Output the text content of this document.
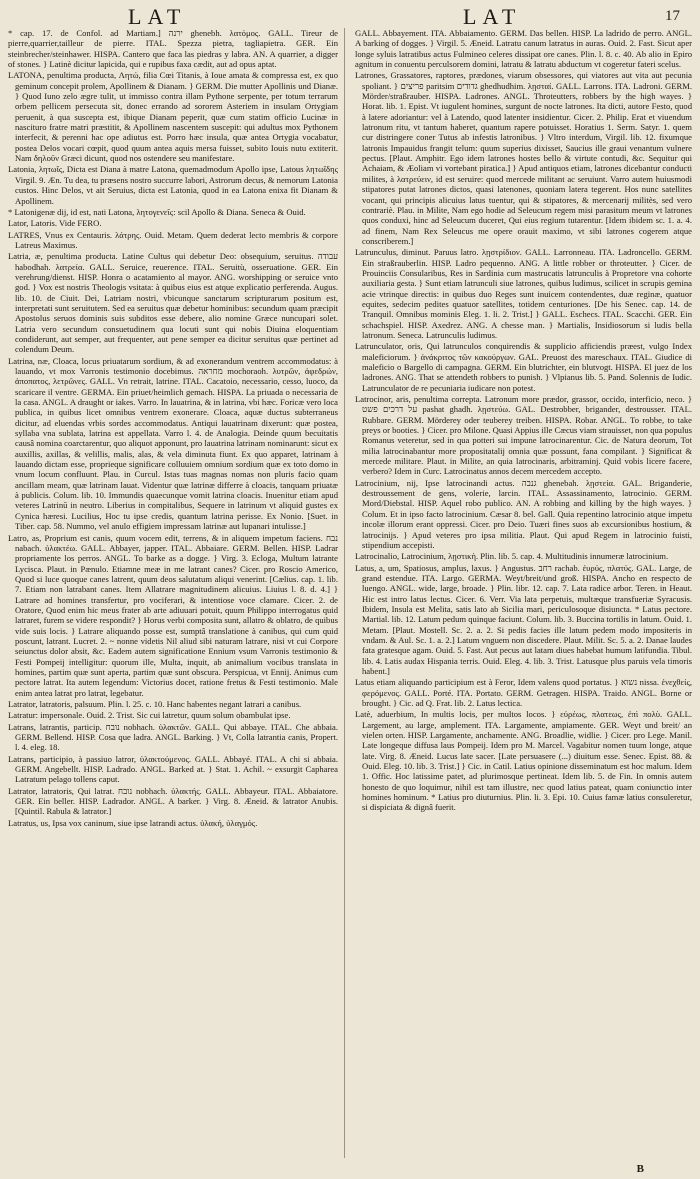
LAT	LAT	17

* cap. 17. de Confol. ad Martiam.] ירנה ghenebh. λατόμος. GALL. Tireur de pierre,quarrier,tailleur de pierre. ITAL. Spezza pietra, tagliapietra. GER. Ein steinbrecher/steinhawer. HISPA. Cantero que faca las piedras y labra. AN. A quarrier, a digger of stones. } Latinè dicitur lapicida, qui e rupibus faxa cædit, aut ad opus aptat.

LATONA, penultima producta, Λητώ, filia Cœi Titanis, à Ioue amata & compressa est, ex quo geminum concepit prolem, Apollinem & Dianam. } GERM. Die mutter Apollinis und Dianæ. } Quod Iuno zelo ægre tulit, ut immisso contra illam Pythone serpente, per totum terrarum orbem pellicem persecuta sit, donec errando ad sororem Asteriem in insulam Ortygiam peruenit, à qua suscepta est, ibique Dianam peperit, quæ cum statim officio Lucinæ in nascituro fratre matri præstitit, & Apollinem nascentem suscepit: qui adultus mox Pythonem interfecit, & perenni hac ope adiutus est. Porro hæc insula, quæ antea Ortygia vocabatur, postea Delos vocari cœpit, quod quum antea aquis mersa fuisset, subito Iouis nutu extiterit. Nam δηλοῦν Græci dicunt, quod nos ostendere seu manifestare.

Latonia, λητωΐς, Dicta est Diana à matre Latona, quemadmodum Apollo ipse, Latous λητωΐδης Virgil. 9. Æn. Tu dea, tu præsens nostro succurre labori, Astrorum decus, & nemorum Latonia custos. Hinc Delos, vt ait Seruius, dicta est Latonia, quod in ea Latona enixa fit Dianam & Apollinem.

* Latonigenæ dij, id est, nati Latona, λητογενεῖς: scil Apollo & Diana. Seneca & Ouid.

Lator, Latoris. Vide FERO.

LATRES, Vnus ex Centauris. λάτρης. Ouid. Metam. Quem dederat lecto membris & corpore Latreus Maximus.

Latria, æ, penultima producta. Latine Cultus qui debetur Deo: obsequium, seruitus. עבודה habodhah. λατρεία. GALL. Seruice, reuerence. ITAL. Seruitù, osseruatione. GER. Ein verehrung/dienst. HISP. Honra o acatamiento al mayor. ANG. worshipping or seruice vnto god. } Vox est nostris Theologis vsitata: à quibus eius est atque explicatio perferenda. Augus. lib. 10. de Ciuit. Dei, Latriam nostri, vbicunque sanctarum scripturarum positum est, interpretati sunt seruitutem. Sed ea seruitus quæ debetur hominibus: secundum quam præcipit Apostolus seruos dominis suis subditos esse debere, alio nomine Græce nuncupari solet. Latria vero secundum consuetudinem qua locuti sunt qui nobis Diuina eloquentiam condiderunt, aut semper, aut frequenter, aut pene semper ea dicitur seruitus quæ pertinet ad colendum Deum.

Latrina, næ, Cloaca, locus priuatarum sordium, & ad exonerandum ventrem accommodatus: à lauando, vt mox Varronis testimonio docebimus. מחראה mochoraoh. λυτρῶν, ἀφεδρών, ἀποπατος, λετρῶνες. GALL. Vn retrait, latrine. ITAL. Cacatoio, necessario, cesso, luoco, da scaricare il ventre. GERMA. Ein priuet/heimlich gemach. HISPA. La priuada o necessaria de la casa. ANGL. A draught or iakes. Varro. In lauatrina, & in latrina, vbi hæc. Foricæ vero loca publica, in quibus licet omnibus ventrem exonerare. Cloaca, aquæ ductus subterraneus dicitur, ad eluendas vrbis sordes accommodatus. Antiqui lauatrinam dixerunt: quæ postea, syllaba vna sublata, latrina est appellata. Varro l. 4. de Analogia. Deinde quum becuitatis causâ nomina coarctarentur, quo aliquot apponunt, pro lauatrina latrinam nominarunt: sicut ex auxillis, axillas, & velillis, malis, alas, & vela diminuta fiunt. Ex quo apparet, latrinam à lauando dictam esse, proprieque significare colluuiem omnium sordium quæ ex toto domo in vnum locum confluunt. Plau. in Curcul. Istas tuas magnas nomas non pluris facio quam ancillam meam, quæ latrinam lauat. Videntur quæ latrinæ differre à cloacis, tanquam priuatæ à publicis. Colum. lib. 10. Immundis quaecunque vomit latrina cloacis. Inuenitur etiam apud veteres Latrinū in neutro. Liberius in compitalibus, Sequere in latrinum vt aliquid gustes ex Cynica hæresi. Lucilius, Hoc tu ipse credis, quantum latrina perisse. Ex Nonio. [Suet. in Tiber. cap. 58. Nummo, vel anulo effigiem impressam latrinæ aut lupanari intulisse.]

Latro, as, Proprium est canis, quum vocem edit, terrens, & in aliquem impetum faciens. נבח nabach. ὑλακτέω. GALL. Abbayer, japper. ITAL. Abbaiare. GERM. Bellen. HISP. Ladrar propriamente los perros. ANGL. To barke as a dogge. } Virg. 3. Ecloga, Multum latrante Lycisca. Plaut. in Pænulo. Etiamne meæ in me latrant canes? Cicer. pro Roscio Americo, Quod si luce quoque canes latrent, quum deos salutatum aliqui venerint. [Cælius. cap. 1. lib. 7. Etiam non latrabant canes. Item Allatrare magnitudinem alicuius. Liuius l. 8. d. 4.] } Latrare ad homines transfertur, pro vociferari, & intentiose voce clamare. Cicer. 2. de Oratore, Quod enim hic meus frater ab arte adiuuari potuit, quum Philippo interrogatus quid latraret, furem se videre respondit? } Horus verbi composita sunt, allatro & oblatro, de quibus vide suis locis. } Latrare aliquando posse est, sumptâ translatione à canibus, qui cum quid poscunt, latrant. Lucret. 2. ~ nonne videtis Nil aliud sibi naturam latrare, nisi vt cui Corpore seiunctus dolor absit, &c. Eadem autem significatione Ennium vsum Varronis testimonio & Festi Pompeij intelligitur: quorum ille, Multa, inquit, ab animalium vocibus translata in homines, partim quæ sunt aperta, partim quæ sunt obscura. Perspicua, vt Ennij. Animus cum pectore latrat. Ita autem legendum: Victorius docet, ratione fretus & Festi testimonio. Male enim antea latrat pro latrat, legebatur.

Latrator, latratoris, palsuum. Plin. l. 25. c. 10. Hanc habentes negant latrari a canibus.

Latratur: impersonale. Ouid. 2. Trist. Sic cui latretur, quum solum obambulat ipse.

Latrans, latrantis, particip. נובח nobhach. ὑλακτῶν. GALL. Qui abbaye. ITAL. Che abbaia. GERM. Bellend. HISP. Cosa que ladra. ANGL. Barking. } Vt, Colla latrantia canis, Propert. l. 4. eleg. 18.

Latrans, participio, à passiuo latror, ὑλακτούμενος. GALL. Abbayé. ITAL. A chi si abbaia. GERM. Angebellt. HISP. Ladrado. ANGL. Barked at. } Stat. 1. Achil. ~ exsurgit Capharea Latratum pelago tollens caput.

Latrator, latratoris, Qui latrat. נובח nobhach. ὑλακτής. GALL. Abbayeur. ITAL. Abbaiatore. GER. Ein beller. HISP. Ladrador. ANGL. A barker. } Virg. 8. Æneid. & latrator Anubis. [Quintil. Rabula & latrator.]

Latratus, us, Ipsa vox caninum, siue ipse latrandi actus. ὑλακή, ὑλαγμός.

GALL. Abbayement. ITA. Abbaiamento. GERM. Das bellen. HISP. La ladrido de perro. ANGL. A barking of dogges. } Virgil. 5. Æneid. Latratu canum latratus in auras. Ouid. 2. Fast. Sicut aper longe syluis latratibus actus Fulmineo celeres dissipat ore canes. Plin. l. 8. c. 40. Ab alio in Epiro agnitum in conuentu perculsorem domini, latratu & latratu abductum vt cogeretur fateri scelus.

Latrones, Grassatores, raptores, prædones, viarum obsessores, qui viatores aut vita aut pecunia spoliant. } פריצים paritsim גדודים ghedhudhim. λῃσταί. GALL. Larrons. ITA. Ladroni. GERM. Mörder/straßrauber. HISPA. Ladrones. ANGL. Throteutters, robbers by the high wayes. } Horat. lib. 1. Epist. Vt iugulent homines, surgunt de nocte latrones. Ita dicti, autore Festo, quod à latere adoriantur: vel à Latendo, quod latenter insidientur. Cicer. 2. Philip. Erat et viuendum latronum ritu, vt tantum haberet, quantum rapere potuisset. Horatius 1. Serm. Satyr. 1. quem cur distringere coner Tutus ab infestis latronibus. } Vltro interdum, Virgil. lib. 12. fixumque latronis Impauidus frangit telum: quum superius dixisset, Saucius ille graui venantum vulnere pectus. [Plaut. Amphitr. Ego idem latrones hostes bello & virtute contudi, &c. Sequitur qui Achaiam, & Æoliam vi vortebant piratica.] } Apud antiquos etiam, latrones dicebantur conducti milites, à λατρεύειν, id est seruire: quod mercede militant ac seruiunt. Varro autem huiusmodi stipatores putat latrones dictos, quasi latenones, quoniam latera tegerent. Hos nunc satellites vocant, qui principis alicuius latus tuentur, qui & stipatores, & mercenarij militès, sed vero contrariè. Plau. in Milite, Nam ego hodie ad Seleucum regem misi parasitum meum vt latrones quos conduxi, hinc ad Seleucum duceret, Qui eius regium tutarentur. [Idem ibidem sc. 1. a. 4. ad finem, Nam Rex Seleucus me opere orauit maximo, vt sibi latrones cogerem atque conscriberem.]

Latrunculus, diminut. Paruus latro. λῃστρίδιον. GALL. Larronneau. ITA. Ladroncello. GERM. Ein straßrauberlin. HISP. Ladro pequenno. ANG. A little robber or throteutter. } Cicer. de Prouinciis Consularibus, Res in Sardinia cum mastrucatis latrunculis à Propretore vna cohorte auxiliaria gesta. } Sunt etiam latrunculi siue latrones, quibus ludimus, scilicet in scrupis gemina acie vtrinque directis: in quibus duo Reges sunt inuicem contendentes, duæ reginæ, quatuor equites, sedecim pedites quatuor satellites, totidem centuriones. [De his Senec. cap. 14. de Tranquil. Omnibus mominis Eleg. 1. li. 2. Trist.] } GALL. Eschecs. ITAL. Scacchi. GER. Ein schachspiel. HISP. Axedrez. ANG. A chesse man. } Martialis, Insidiosorum si ludis bella latronum. Seneca. Latrunculis ludimus.

Latrunculator, oris, Qui latrunculos conquirendis & supplicio afficiendis præest, vulgo Index maleficiorum. } ἀνάκριτος τῶν κακούργων. GAL. Preuost des mareschaux. ITAL. Giudice di maleficio o Bargello di campagna. GERM. Ein blutrichter, ein blutvogt. HISPA. El juez de los ladrones. ANG. That se attendeth robbers to punish. } Vlpianus lib. 5. Pand. Solennis de Iudic. Latrunculator de re pecuniaria iudicare non potest.

Latrocinor, aris, penultima correpta. Latronum more prædor, grassor, occido, interficio, neco. } על דרכים פשט pashat ghadh. λῃστεύω. GAL. Destrobber, brigander, destrousser. ITAL. Rubbare. GERM. Mörderey oder teuberey treiben. HISPA. Robar. ANGL. To robbe, to take preys or booties. } Cicer. pro Milone. Quasi Appius ille Cæcus viam strauisset, non qua populus Romanus veteretur, sed in qua potteri sui impune latrocinarentur. Cic. de Natura deorum, Tot milia latrocinabantur more propositatalij omnia quæ possunt, fana compilant. } Significat & mercede militare. Plaut. in Milite, an quia latrocinaris, arbitraminj. Quid vobis licere facere, verbero? Idem in Curc. Latrocinatus annos decem mercedem accepto.

Latrocinium, nij, Ipse latrocinandi actus. גנבה ghenebah. λῃστεία. GAL. Briganderie, destroussement de gens, volerie, larcin. ITAL. Assassinamento, latrocinio. GERM. Mord/Diebstal. HISP. Aquel robo publico. AN. A robbing and killing by the high wayes. } Colum. Et in ipso facto latrocinium. Cæsar 8. bel. Gall. Quia repentino latrocinio atque impetu incolæ illorum erant oppressi. Cicer. pro Deio. Tuæri fines suos ab excursionibus hostium, & latrocinijs. } Apud veteres pro ipsa militia. Plaut. Qui apud Regem in latrocinio fuisti, stipendium accepisti.

Latrocinalio, Latrocinium, λῃστικὴ. Plin. lib. 5. cap. 4. Multitudinis innumeræ latrocinium.

Latus, a, um, Spatiosus, amplus, laxus. } Angustus. רחב rachab. ἐυρύς, πλατύς. GAL. Large, de grand estendue. ITA. Largo. GERMA. Weyt/breit/und groß. HISPA. Ancho en respecto de luengo. ANGL. wide, large, broade. } Plin. libr. 12. cap. 7. Lata radice arbor. Teren. in Heaut. Hic est intro latus lectus. Cicer. 6. Verr. Via lata perpetuis, multæque transfueriæ Syracusis. Ibidem, Insula est Melita, satis lato ab Sicilia mari, periculosoque disiuncta. * Latus pectore. Martial. lib. 12. Latum pedum quinque faciunt. Colum. lib. 3. Buccina tortilis in latum. Ouid. 1. Metam. [Plaut. Mostell. Sc. 2. a. 2. Si pedis facies ille latum pedem modo impositeris in vndam. & Aul. Sc. 1. a. 2.] Latum vnguem non discedere. Plaut. Milit. Sc. 5. a. 2. Danae laudes fata gratesque agam. Ouid. 5. Fast. Aut pecus aut latam diues habebat humum latifundia. Tibul. lib. 4. Latis audax Hispania terris. Ouid. Eleg. 4. lib. 3. Trist. Latusque plus paruis vela timoris habent.]

Latus etiam aliquando participium est à Feror, Idem valens quod portatus. } נשוא nissa. ἐνεχθείς, φερόμενος. GALL. Porté. ITA. Portato. GERM. Getragen. HISPA. Traido. ANGL. Borne or brought. } Cic. ad Q. Frat. lib. 2. Latus lectica.

Latè, aduerbium, In multis locis, per multos locos. } εὐρέως, πλατεως, ἐπὶ πολὺ. GALL. Largement, au large, amplement. ITA. Largamente, ampiamente. GER. Weyt und breit/ an vielen orten. HISP. Largamente, anchamente. ANG. Broadlie, widlie. } Cicer. pro Lege. Manil. Late longeque diffusa laus Pompeij. Idem pro M. Marcel. Vagabitur nomen tuum longe, atque late. Virg. 8. Æneid. Lucus late sacer. [Late persuasere (...) diuitum esse. Senec. Epist. 88. & Ouid. Eleg. 10. lib. 3. Trist.] } Cic. in Catil. Latius opinione disseminatum est hoc malum. Idem 1. Offic. Hoc latissime patet, ad plurimosque pertineat. Idem lib. 5. de Fin. In omnis autem honesto de quo loquimur, nihil est tam illustre, nec quod latius pateat, quam coniunctio inter homines hominum. * Latius pro diuturnius. Plin. li. 3. Epi. 10. Cuius famæ latius consuleretur, si dispiciata & dignâ fuerit.

B
